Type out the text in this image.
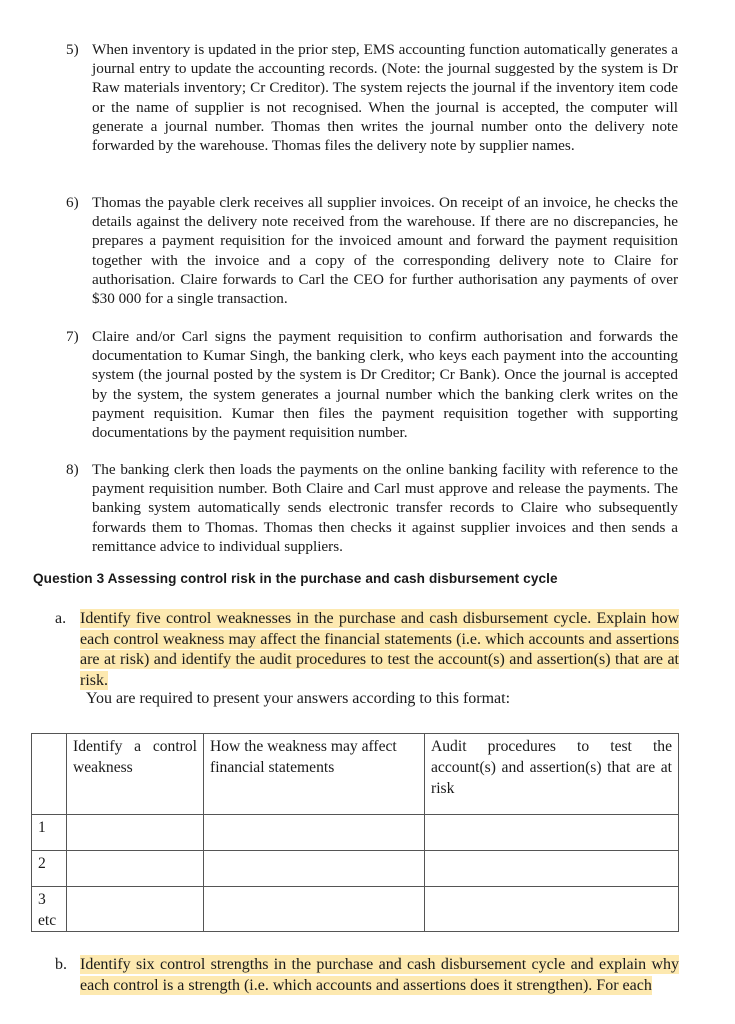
5) When inventory is updated in the prior step, EMS accounting function automatically generates a journal entry to update the accounting records. (Note: the journal suggested by the system is Dr Raw materials inventory; Cr Creditor). The system rejects the journal if the inventory item code or the name of supplier is not recognised. When the journal is accepted, the computer will generate a journal number. Thomas then writes the journal number onto the delivery note forwarded by the warehouse. Thomas files the delivery note by supplier names.
6) Thomas the payable clerk receives all supplier invoices. On receipt of an invoice, he checks the details against the delivery note received from the warehouse. If there are no discrepancies, he prepares a payment requisition for the invoiced amount and forward the payment requisition together with the invoice and a copy of the corresponding delivery note to Claire for authorisation. Claire forwards to Carl the CEO for further authorisation any payments of over $30 000 for a single transaction.
7) Claire and/or Carl signs the payment requisition to confirm authorisation and forwards the documentation to Kumar Singh, the banking clerk, who keys each payment into the accounting system (the journal posted by the system is Dr Creditor; Cr Bank). Once the journal is accepted by the system, the system generates a journal number which the banking clerk writes on the payment requisition. Kumar then files the payment requisition together with supporting documentations by the payment requisition number.
8) The banking clerk then loads the payments on the online banking facility with reference to the payment requisition number. Both Claire and Carl must approve and release the payments. The banking system automatically sends electronic transfer records to Claire who subsequently forwards them to Thomas. Thomas then checks it against supplier invoices and then sends a remittance advice to individual suppliers.
Question 3 Assessing control risk in the purchase and cash disbursement cycle
a. Identify five control weaknesses in the purchase and cash disbursement cycle. Explain how each control weakness may affect the financial statements (i.e. which accounts and assertions are at risk) and identify the audit procedures to test the account(s) and assertion(s) that are at risk.
You are required to present your answers according to this format:
	Identify a control weakness	How the weakness may affect financial statements	Audit procedures to test the account(s) and assertion(s) that are at risk
1			
2			
3
etc			
b. Identify six control strengths in the purchase and cash disbursement cycle and explain why each control is a strength (i.e. which accounts and assertions does it strengthen). For each
